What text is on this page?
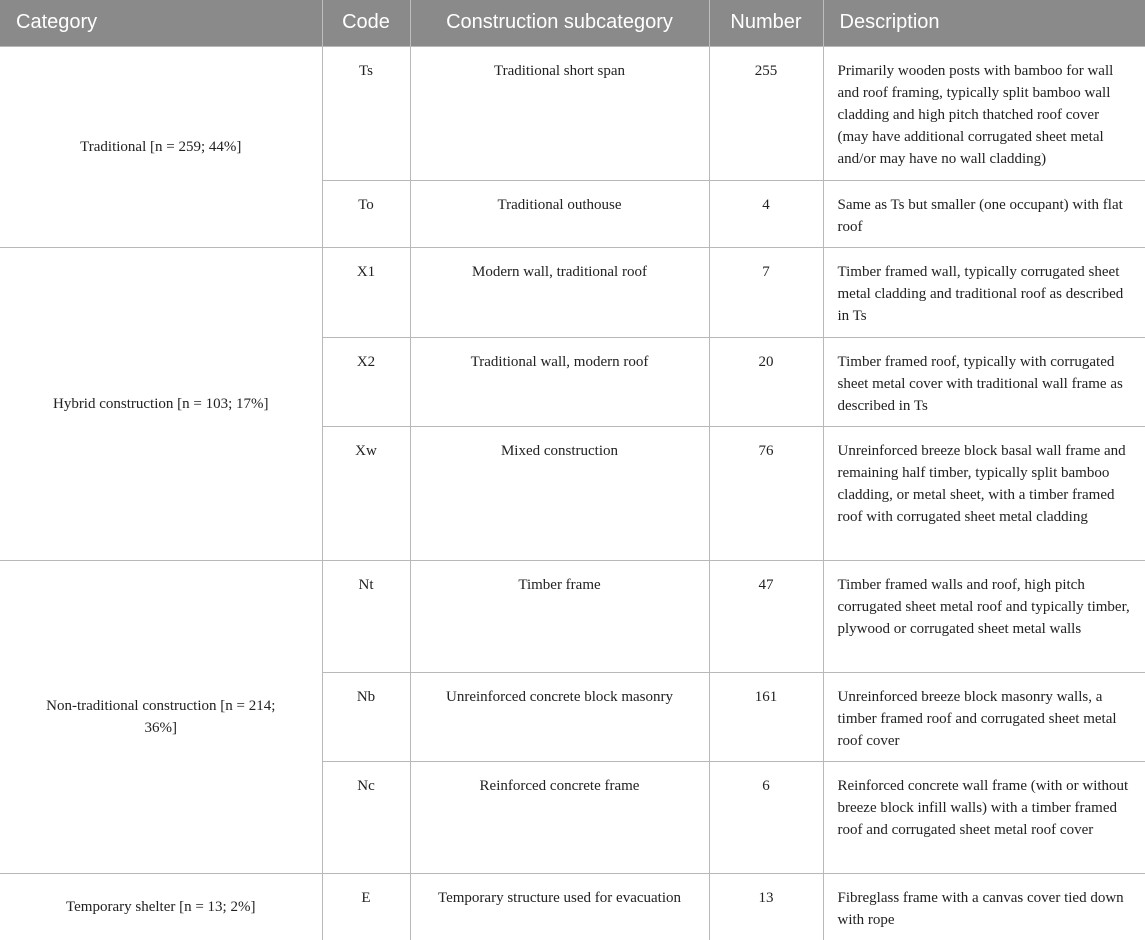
Category	Code	Construction subcategory	Number	Description
Traditional [n = 259; 44%]	Ts	Traditional short span	255	Primarily wooden posts with bamboo for wall and roof framing, typically split bamboo wall cladding and high pitch thatched roof cover (may have additional corrugated sheet metal and/or may have no wall cladding)
	To	Traditional outhouse	4	Same as Ts but smaller (one occupant) with flat roof
Hybrid construction [n = 103; 17%]	X1	Modern wall, traditional roof	7	Timber framed wall, typically corrugated sheet metal cladding and traditional roof as described in Ts
	X2	Traditional wall, modern roof	20	Timber framed roof, typically with corrugated sheet metal cover with traditional wall frame as described in Ts
	Xw	Mixed construction	76	Unreinforced breeze block basal wall frame and remaining half timber, typically split bamboo cladding, or metal sheet, with a timber framed roof with corrugated sheet metal cladding
Non-traditional construction [n = 214; 36%]	Nt	Timber frame	47	Timber framed walls and roof, high pitch corrugated sheet metal roof and typically timber, plywood or corrugated sheet metal walls
	Nb	Unreinforced concrete block masonry	161	Unreinforced breeze block masonry walls, a timber framed roof and corrugated sheet metal roof cover
	Nc	Reinforced concrete frame	6	Reinforced concrete wall frame (with or without breeze block infill walls) with a timber framed roof and corrugated sheet metal roof cover
Temporary shelter [n = 13; 2%]	E	Temporary structure used for evacuation	13	Fibreglass frame with a canvas cover tied down with rope
